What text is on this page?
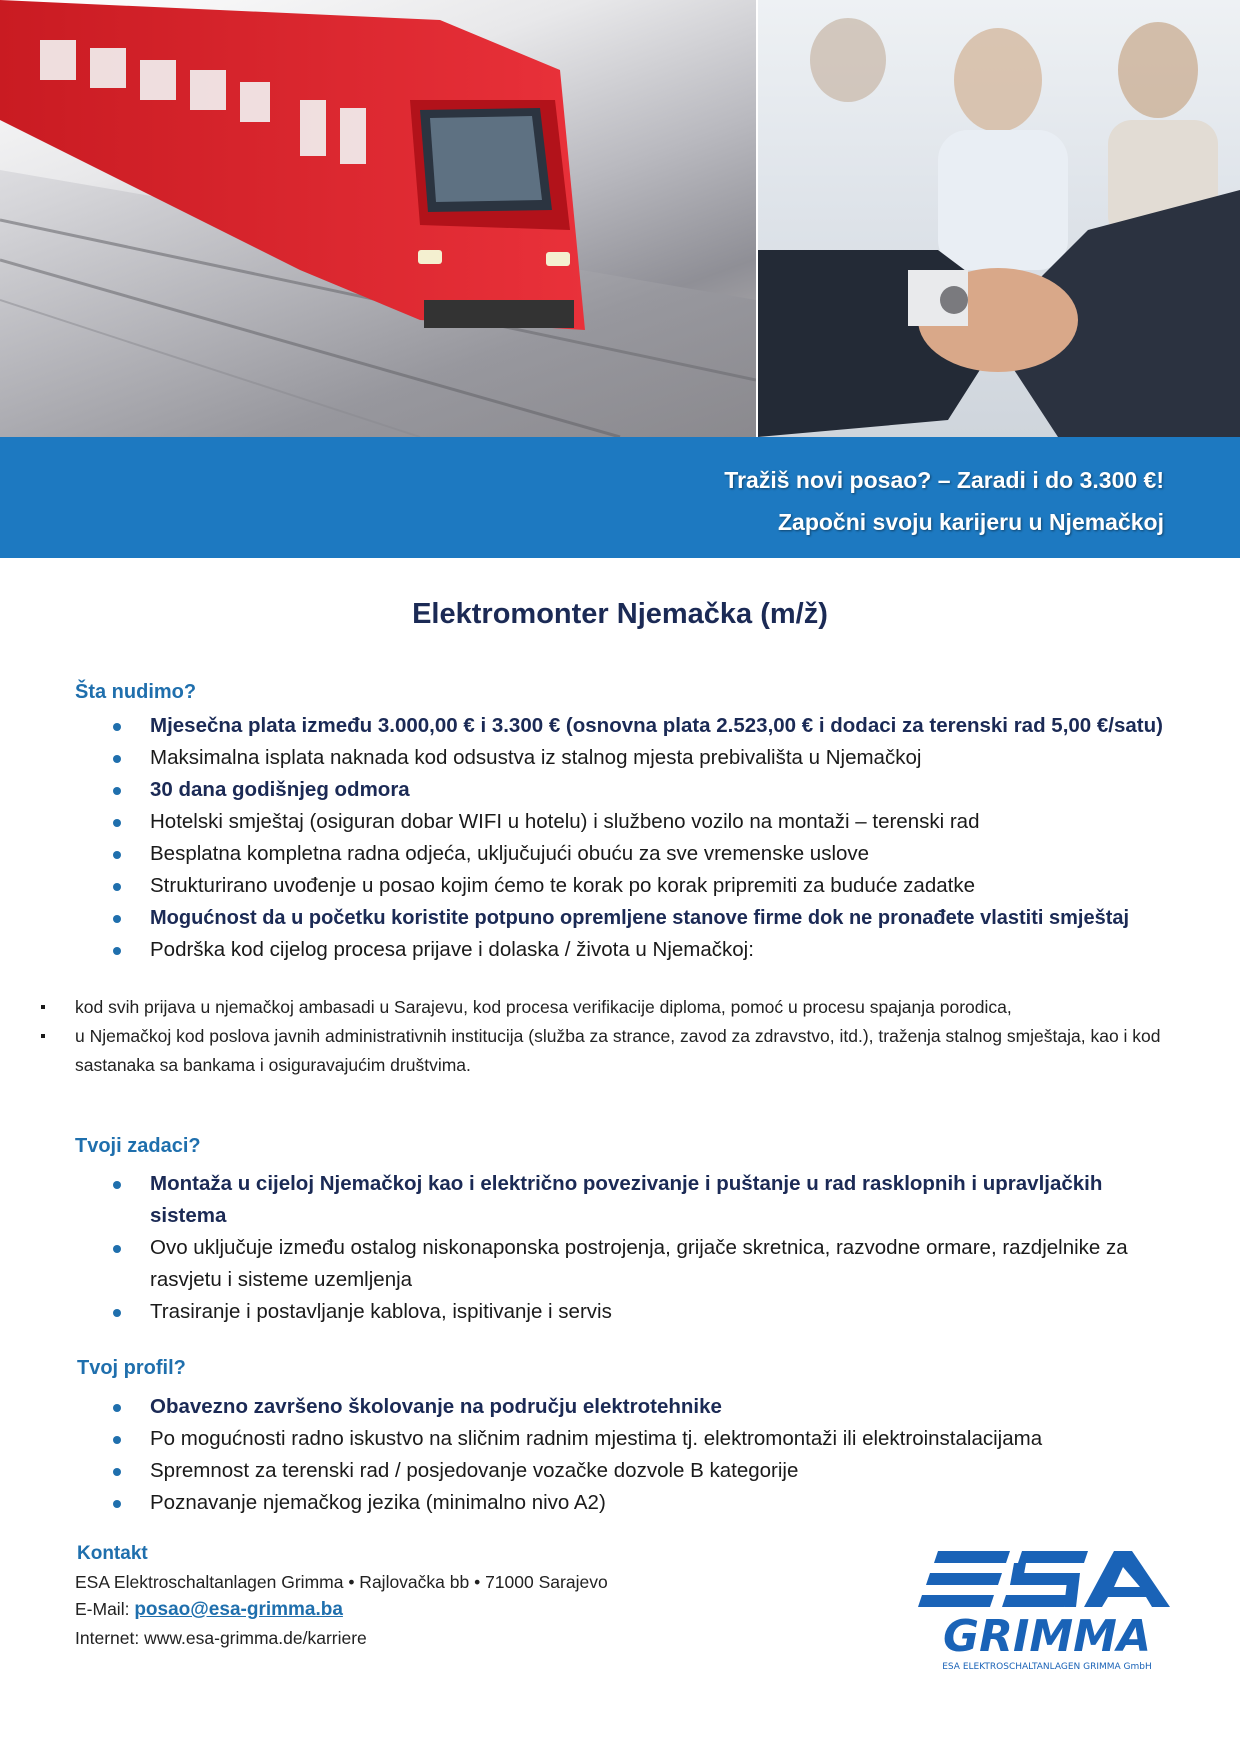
Tražiš novi posao? – Zaradi i do 3.300 €!
Započni svoju karijeru u Njemačkoj
Elektromonter Njemačka (m/ž)
Šta nudimo?
Mjesečna plata između 3.000,00 € i 3.300 € (osnovna plata 2.523,00 € i dodaci za terenski rad 5,00 €/satu)
Maksimalna isplata naknada kod odsustva iz stalnog mjesta prebivališta u Njemačkoj
30 dana godišnjeg odmora
Hotelski smještaj (osiguran dobar WIFI u hotelu) i službeno vozilo na montaži – terenski rad
Besplatna kompletna radna odjeća, uključujući obuću za sve vremenske uslove
Strukturirano uvođenje u posao kojim ćemo te korak po korak pripremiti za buduće zadatke
Mogućnost da u početku koristite potpuno opremljene stanove firme dok ne pronađete vlastiti smještaj
Podrška kod cijelog procesa prijave i dolaska / života u Njemačkoj:
kod svih prijava u njemačkoj ambasadi u Sarajevu, kod procesa verifikacije diploma, pomoć u procesu spajanja porodica,
u Njemačkoj kod poslova javnih administrativnih institucija (služba za strance, zavod za zdravstvo, itd.), traženja stalnog smještaja, kao i kod sastanaka sa bankama i osiguravajućim društvima.
Tvoji zadaci?
Montaža u cijeloj Njemačkoj kao i električno povezivanje i puštanje u rad rasklopnih i upravljačkih sistema
Ovo uključuje između ostalog niskonaponska postrojenja, grijače skretnica, razvodne ormare, razdjelnike za rasvjetu i sisteme uzemljenja
Trasiranje i postavljanje kablova, ispitivanje i servis
Tvoj profil?
Obavezno završeno školovanje na području elektrotehnike
Po mogućnosti radno iskustvo na sličnim radnim mjestima tj. elektromontaži ili elektroinstalacijama
Spremnost za terenski rad / posjedovanje vozačke dozvole B kategorije
Poznavanje njemačkog jezika (minimalno nivo A2)
Kontakt

ESA Elektroschaltanlagen Grimma • Rajlovačka bb • 71000 Sarajevo

E-Mail: posao@esa-grimma.ba

Internet: www.esa-grimma.de/karriere	GRIMMA
ESA ELEKTROSCHALTANLAGEN GRIMMA GmbH
